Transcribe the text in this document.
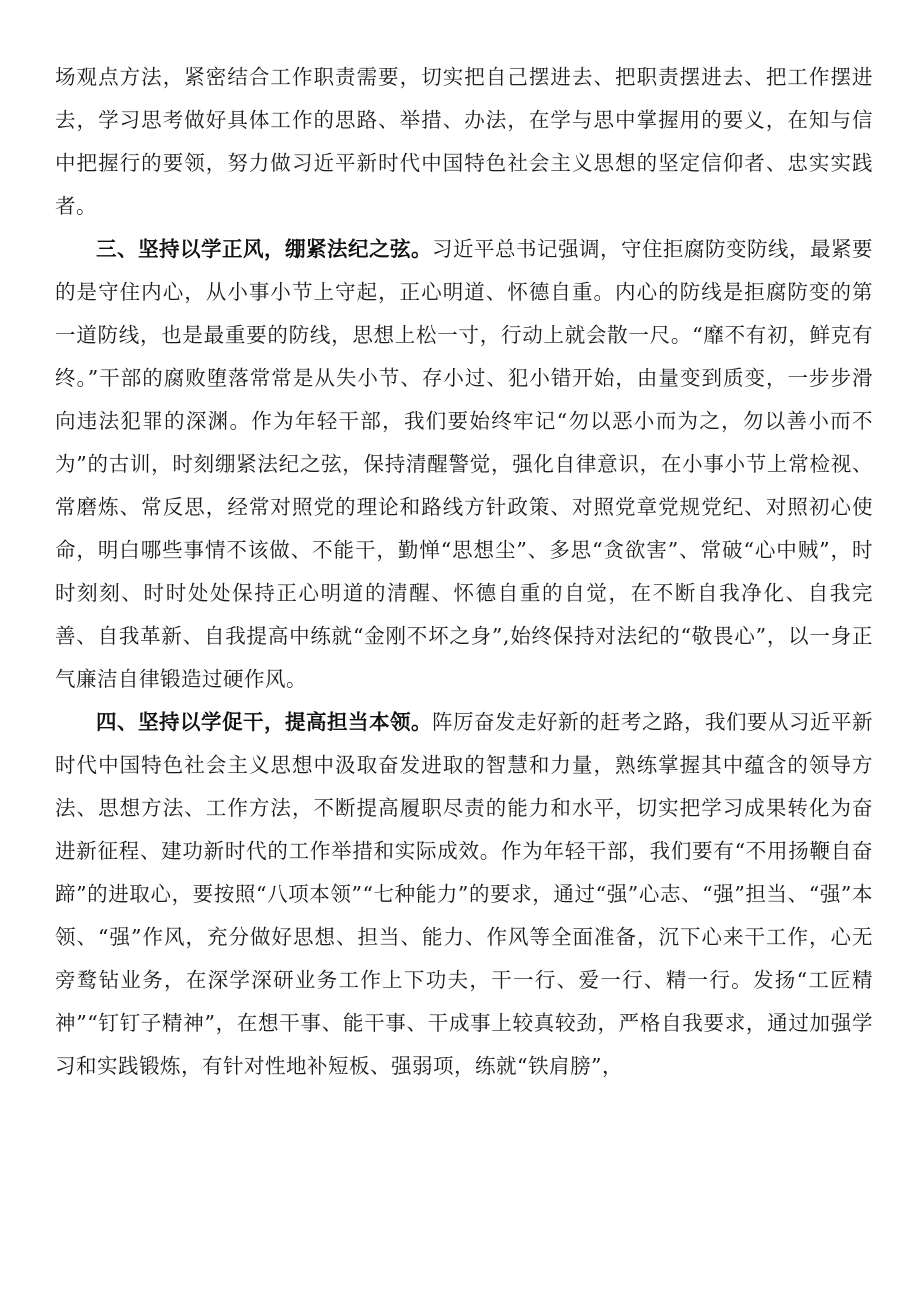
场观点方法，紧密结合工作职责需要，切实把自己摆进去、把职责摆进去、把工作摆进去，学习思考做好具体工作的思路、举措、办法，在学与思中掌握用的要义，在知与信中把握行的要领，努力做习近平新时代中国特色社会主义思想的坚定信仰者、忠实实践者。

三、坚持以学正风，绷紧法纪之弦。习近平总书记强调，守住拒腐防变防线，最紧要的是守住内心，从小事小节上守起，正心明道、怀德自重。内心的防线是拒腐防变的第一道防线，也是最重要的防线，思想上松一寸，行动上就会散一尺。“靡不有初，鲜克有终。”干部的腐败堕落常常是从失小节、存小过、犯小错开始，由量变到质变，一步步滑向违法犯罪的深渊。作为年轻干部，我们要始终牢记“勿以恶小而为之，勿以善小而不为”的古训，时刻绷紧法纪之弦，保持清醒警觉，强化自律意识，在小事小节上常检视、常磨炼、常反思，经常对照党的理论和路线方针政策、对照党章党规党纪、对照初心使命，明白哪些事情不该做、不能干，勤惮“思想尘”、多思“贪欲害”、常破“心中贼”，时时刻刻、时时处处保持正心明道的清醒、怀德自重的自觉，在不断自我净化、自我完善、自我革新、自我提高中练就“金刚不坏之身”,始终保持对法纪的“敬畏心”，以一身正气廉洁自律锻造过硬作风。

四、坚持以学促干，提高担当本领。阵厉奋发走好新的赶考之路，我们要从习近平新时代中国特色社会主义思想中汲取奋发进取的智慧和力量，熟练掌握其中蕴含的领导方法、思想方法、工作方法，不断提高履职尽责的能力和水平，切实把学习成果转化为奋进新征程、建功新时代的工作举措和实际成效。作为年轻干部，我们要有“不用扬鞭自奋蹄”的进取心，要按照“八项本领”“七种能力”的要求，通过“强”心志、“强”担当、“强”本领、“强”作风，充分做好思想、担当、能力、作风等全面准备，沉下心来干工作，心无旁鹜钻业务，在深学深研业务工作上下功夫，干一行、爱一行、精一行。发扬“工匠精神”“钉钉子精神”，在想干事、能干事、干成事上较真较劲，严格自我要求，通过加强学习和实践锻炼，有针对性地补短板、强弱项，练就“铁肩膀”，
